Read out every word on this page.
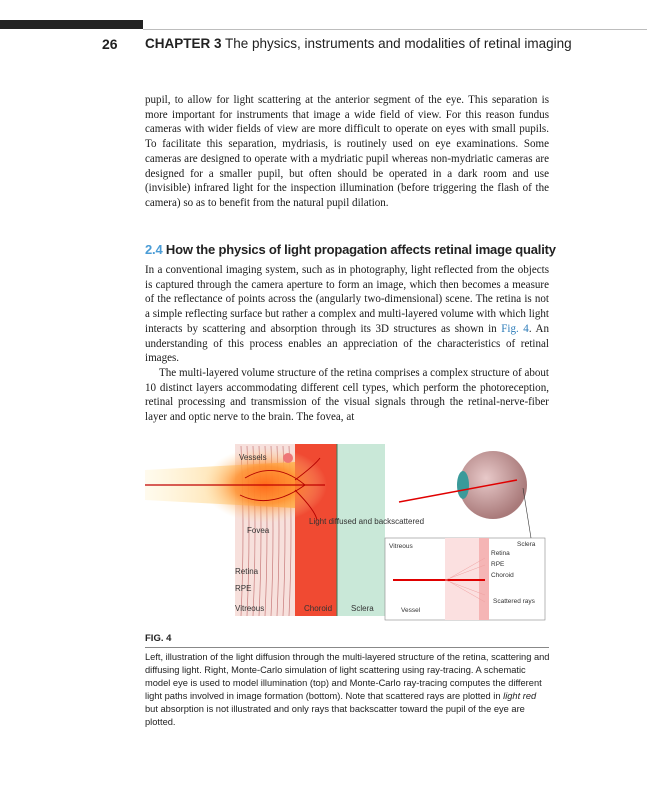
26 CHAPTER 3 The physics, instruments and modalities of retinal imaging

pupil, to allow for light scattering at the anterior segment of the eye. This separation is more important for instruments that image a wide field of view. For this reason fundus cameras with wider fields of view are more difficult to operate on eyes with small pupils. To facilitate this separation, mydriasis, is routinely used on eye examinations. Some cameras are designed to operate with a mydriatic pupil whereas non-mydriatic cameras are designed for a smaller pupil, but often should be operated in a dark room and use (invisible) infrared light for the inspection illumination (before triggering the flash of the camera) so as to benefit from the natural pupil dilation.

2.4 How the physics of light propagation affects retinal image quality

In a conventional imaging system, such as in photography, light reflected from the objects is captured through the camera aperture to form an image, which then becomes a measure of the reflectance of points across the (angularly two-dimensional) scene. The retina is not a simple reflecting surface but rather a complex and multi-layered volume with which light interacts by scattering and absorption through its 3D structures as shown in Fig. 4. An understanding of this process enables an appreciation of the characteristics of retinal images.

The multi-layered volume structure of the retina comprises a complex structure of about 10 distinct layers accommodating different cell types, which perform the photoreception, retinal processing and transmission of the visual signals through the retinal-nerve-fiber layer and optic nerve to the brain. The fovea, at

Vessels
Fovea
Light diffused and backscattered
Retina
RPE
Vitreous	Choroid Sclera
Vitreous	Sclera
Retina
RPE
Choroid
Scattered rays
Vessel
FIG. 4

Left, illustration of the light diffusion through the multi-layered structure of the retina, scattering and diffusing light. Right, Monte-Carlo simulation of light scattering using ray-tracing. A schematic model eye is used to model illumination (top) and Monte-Carlo ray-tracing computes the different light paths involved in image formation (bottom). Note that scattered rays are plotted in light red but absorption is not illustrated and only rays that backscatter toward the pupil of the eye are plotted.
